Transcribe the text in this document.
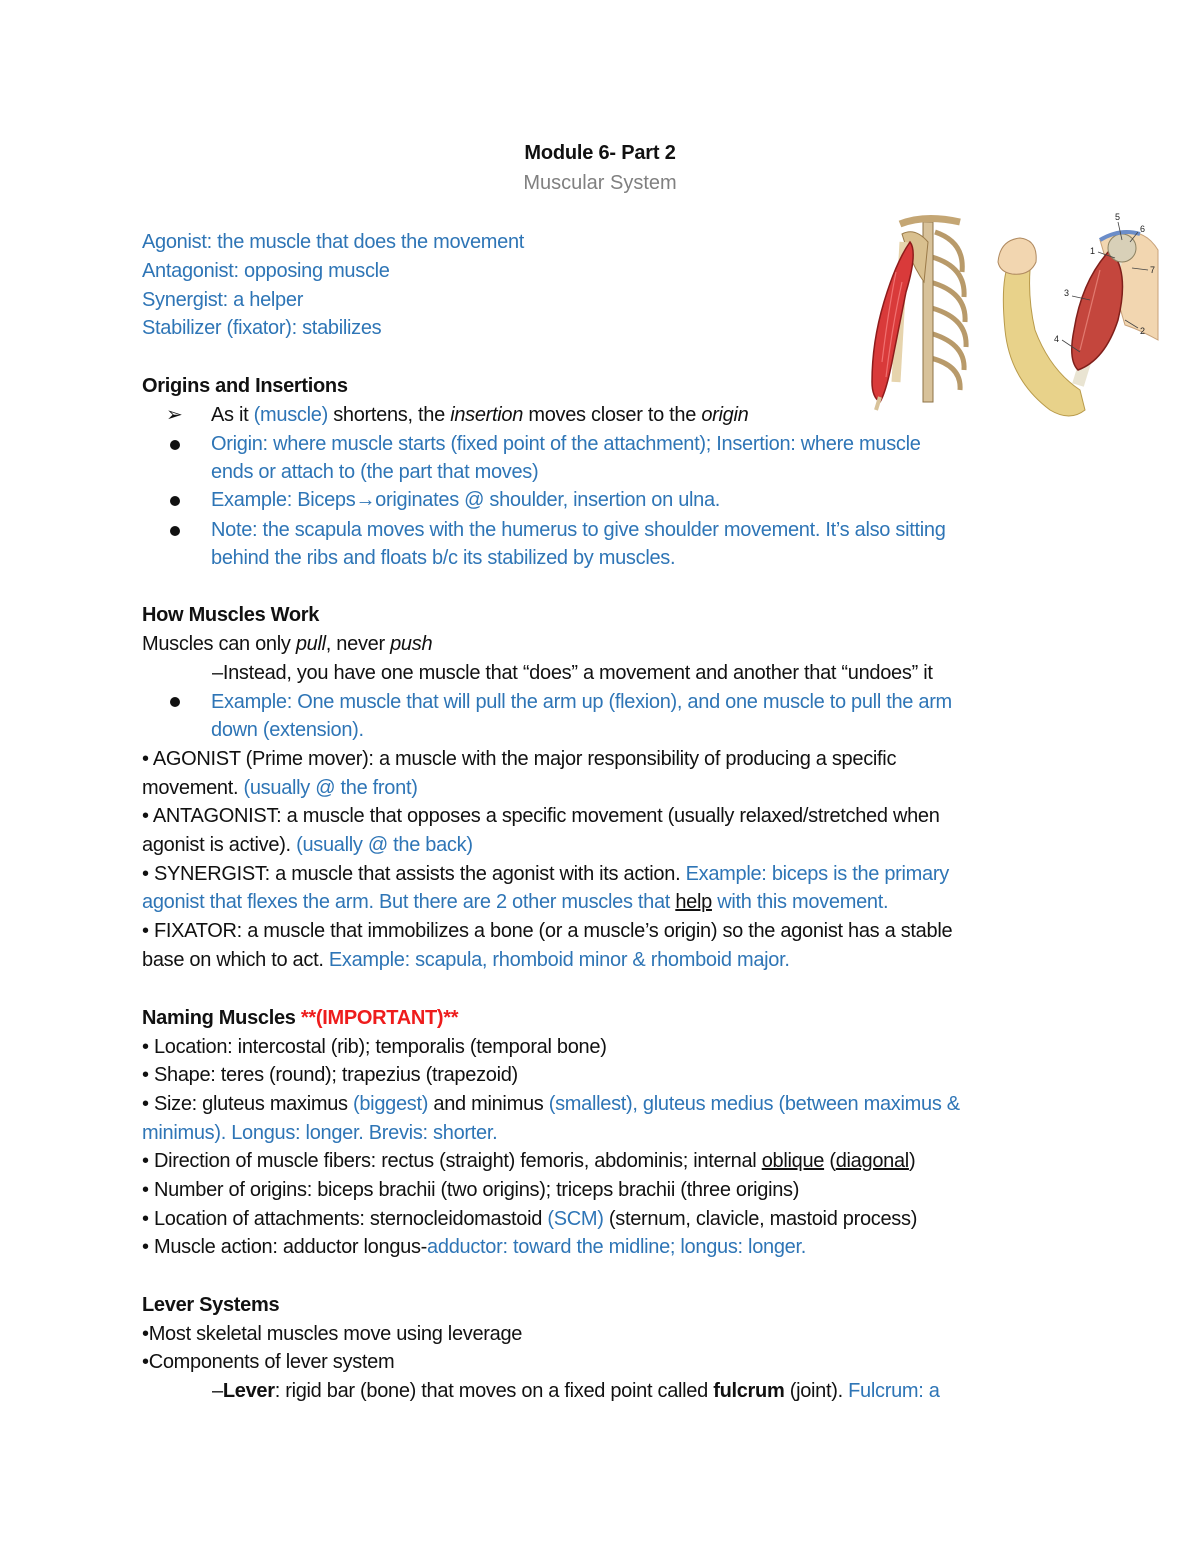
Module 6- Part 2
Muscular System
Agonist: the muscle that does the movement
Antagonist: opposing muscle
Synergist: a helper
Stabilizer (fixator): stabilizes
5
6
1
7
3
2
4
Origins and Insertions
➢ As it (muscle) shortens, the insertion moves closer to the origin
Origin: where muscle starts (fixed point of the attachment); Insertion: where muscle
ends or attach to (the part that moves)
Example: Biceps→originates @ shoulder, insertion on ulna.
Note: the scapula moves with the humerus to give shoulder movement. It’s also sitting
behind the ribs and floats b/c its stabilized by muscles.
How Muscles Work
Muscles can only pull, never push
–Instead, you have one muscle that “does” a movement and another that “undoes” it
Example: One muscle that will pull the arm up (flexion), and one muscle to pull the arm
down (extension).
• AGONIST (Prime mover): a muscle with the major responsibility of producing a specific
movement. (usually @ the front)
• ANTAGONIST: a muscle that opposes a specific movement (usually relaxed/stretched when
agonist is active). (usually @ the back)
• SYNERGIST: a muscle that assists the agonist with its action. Example: biceps is the primary
agonist that flexes the arm. But there are 2 other muscles that help with this movement.
• FIXATOR: a muscle that immobilizes a bone (or a muscle’s origin) so the agonist has a stable
base on which to act. Example: scapula, rhomboid minor & rhomboid major.
Naming Muscles **(IMPORTANT)**
• Location: intercostal (rib); temporalis (temporal bone)
• Shape: teres (round); trapezius (trapezoid)
• Size: gluteus maximus (biggest) and minimus (smallest), gluteus medius (between maximus &
minimus). Longus: longer. Brevis: shorter.
• Direction of muscle fibers: rectus (straight) femoris, abdominis; internal oblique (diagonal)
• Number of origins: biceps brachii (two origins); triceps brachii (three origins)
• Location of attachments: sternocleidomastoid (SCM) (sternum, clavicle, mastoid process)
• Muscle action: adductor longus-adductor: toward the midline; longus: longer.
Lever Systems
•Most skeletal muscles move using leverage
•Components of lever system
–Lever: rigid bar (bone) that moves on a fixed point called fulcrum (joint). Fulcrum: a
